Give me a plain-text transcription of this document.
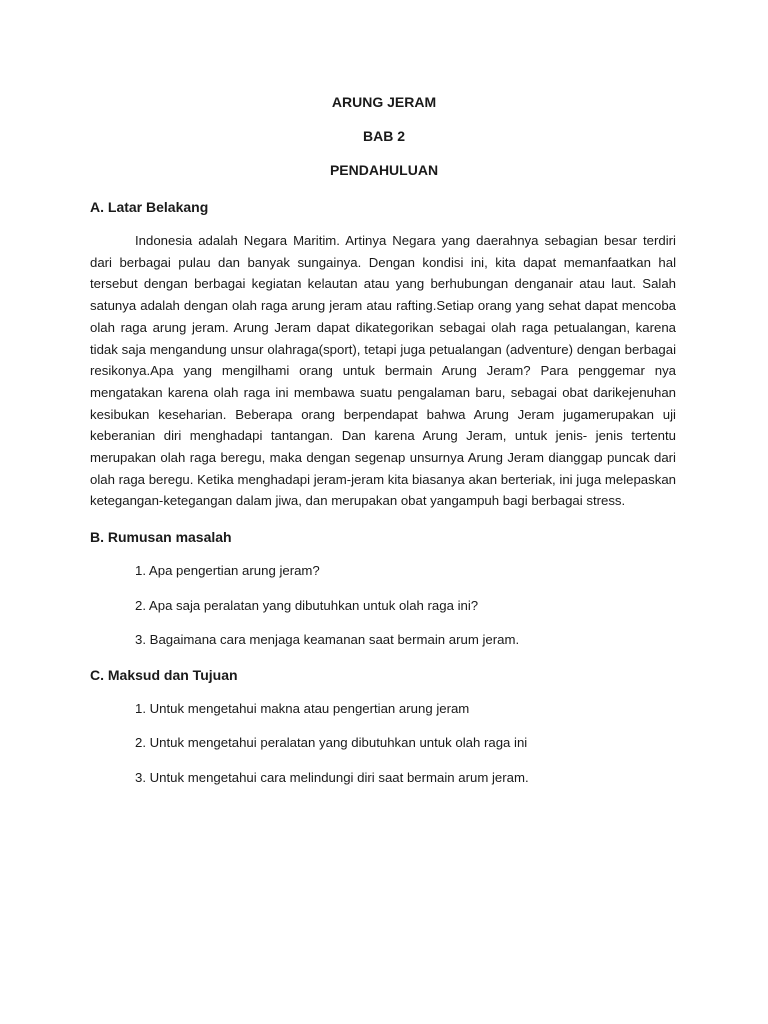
ARUNG JERAM
BAB 2
PENDAHULUAN
A. Latar Belakang

Indonesia adalah Negara Maritim. Artinya Negara yang daerahnya sebagian besar terdiri dari berbagai pulau dan banyak sungainya. Dengan kondisi ini, kita dapat memanfaatkan hal tersebut dengan berbagai kegiatan kelautan atau yang berhubungan denganair atau laut. Salah satunya adalah dengan olah raga arung jeram atau rafting.Setiap orang yang sehat dapat mencoba olah raga arung jeram. Arung Jeram dapat dikategorikan sebagai olah raga petualangan, karena tidak saja mengandung unsur olahraga(sport), tetapi juga petualangan (adventure) dengan berbagai resikonya.Apa yang mengilhami orang untuk bermain Arung Jeram? Para penggemar nya mengatakan karena olah raga ini membawa suatu pengalaman baru, sebagai obat darikejenuhan kesibukan keseharian. Beberapa orang berpendapat bahwa Arung Jeram jugamerupakan uji keberanian diri menghadapi tantangan. Dan karena Arung Jeram, untuk jenis- jenis tertentu merupakan olah raga beregu, maka dengan segenap unsurnya Arung Jeram dianggap puncak dari olah raga beregu. Ketika menghadapi jeram-jeram kita biasanya akan berteriak, ini juga melepaskan ketegangan-ketegangan dalam jiwa, dan merupakan obat yangampuh bagi berbagai stress.

B. Rumusan masalah
1. Apa pengertian arung jeram?
2. Apa saja peralatan yang dibutuhkan untuk olah raga ini?
3. Bagaimana cara menjaga keamanan saat bermain arum jeram.
C. Maksud dan Tujuan
1. Untuk mengetahui makna atau pengertian arung jeram
2. Untuk mengetahui peralatan yang dibutuhkan untuk olah raga ini
3. Untuk mengetahui cara melindungi diri saat bermain arum jeram.
